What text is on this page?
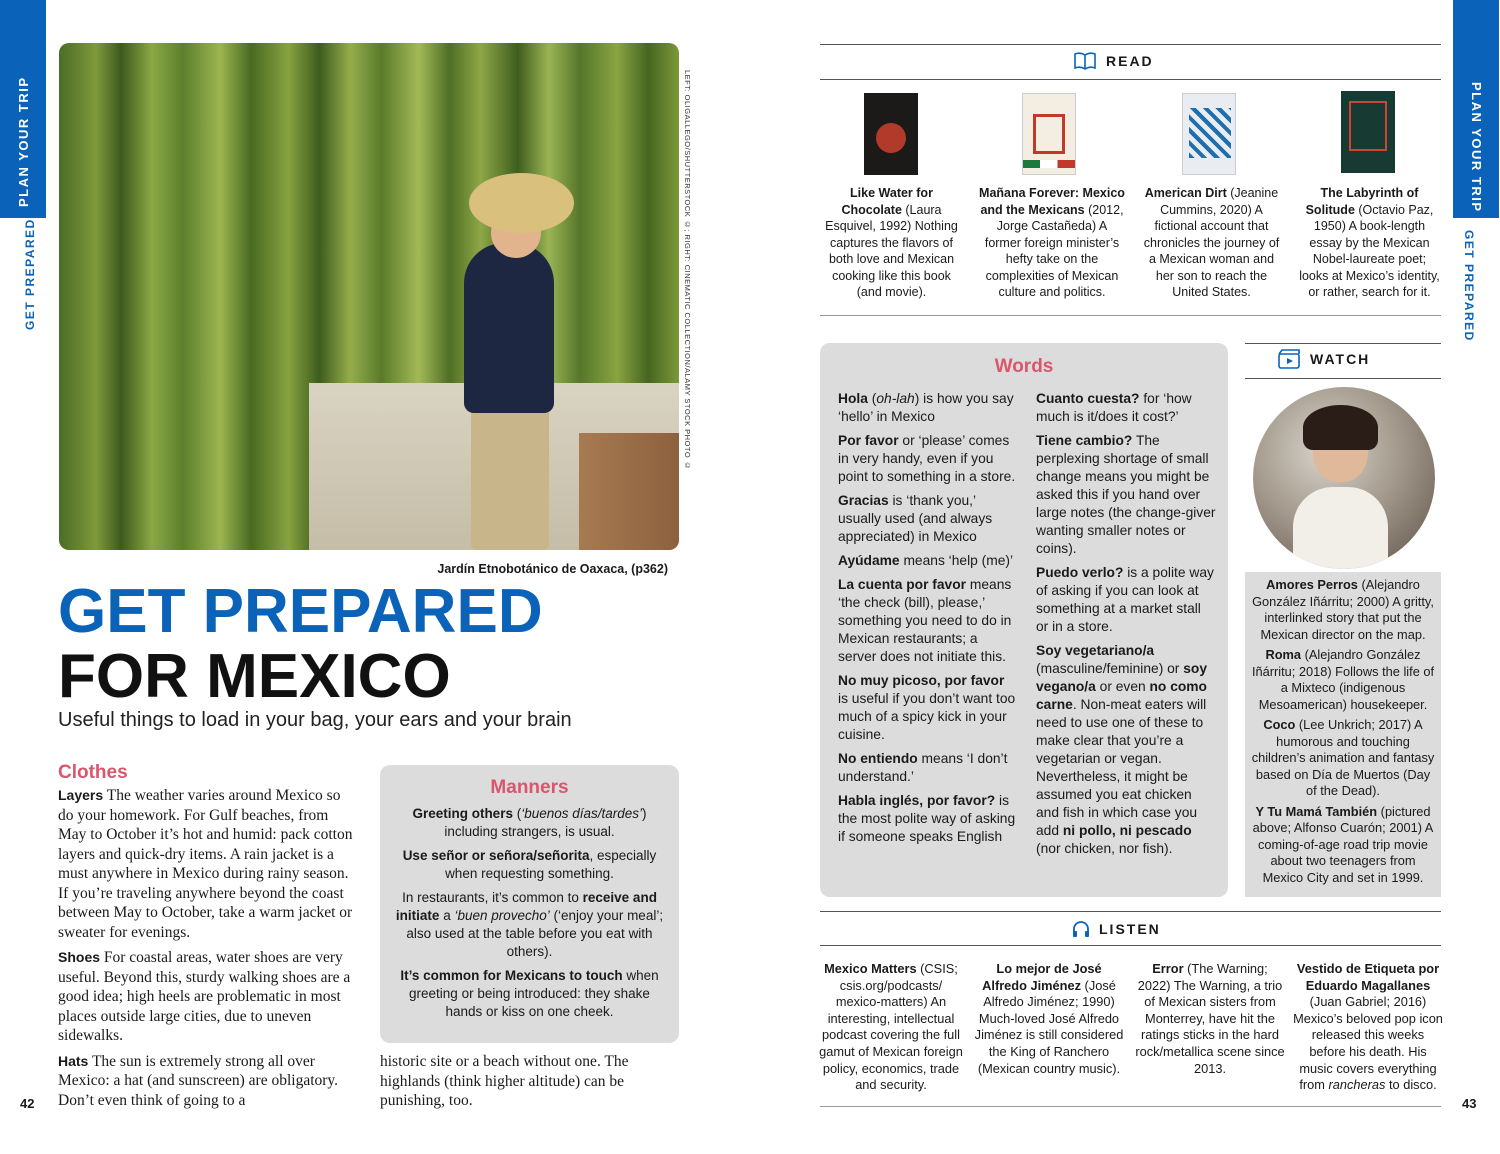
PLAN YOUR TRIP
GET PREPARED	LEFT: OLIGALLEGO/SHUTTERSTOCK ©; RIGHT: CINEMATIC COLLECTION/ALAMY STOCK PHOTO ©
Jardín Etnobotánico de Oaxaca, (p362)
GET PREPARED
FOR MEXICO
Useful things to load in your bag, your ears and your brain
Clothes

Layers The weather varies around Mexico so do your homework. For Gulf beaches, from May to October it’s hot and humid: pack cotton layers and quick-dry items. A rain jacket is a must anywhere in Mexico during rainy season. If you’re traveling anywhere beyond the coast between May to October, take a warm jacket or sweater for evenings.

Shoes For coastal areas, water shoes are very useful. Beyond this, sturdy walking shoes are a good idea; high heels are problematic in most places outside large cities, due to uneven sidewalks.

Hats The sun is extremely strong all over Mexico: a hat (and sunscreen) are obligatory. Don’t even think of going to a

Manners

Greeting others (‘buenos días/tardes’) including strangers, is usual.

Use señor or señora/señorita, especially when requesting something.

In restaurants, it’s common to receive and initiate a ‘buen provecho’ (‘enjoy your meal’; also used at the table before you eat with others).

It’s common for Mexicans to touch when greeting or being introduced: they shake hands or kiss on one cheek.

historic site or a beach without one. The highlands (think higher altitude) can be punishing, too.
42
PLAN YOUR TRIP
GET PREPARED
READ
Like Water for Chocolate (Laura Esquivel, 1992) Nothing captures the flavors of both love and Mexican cooking like this book (and movie).
Mañana Forever: Mexico and the Mexicans (2012, Jorge Castañeda) A former foreign minister’s hefty take on the complexities of Mexican culture and politics.
American Dirt (Jeanine Cummins, 2020) A fictional account that chronicles the journey of a Mexican woman and her son to reach the United States.
The Labyrinth of Solitude (Octavio Paz, 1950) A book-length essay by the Mexican Nobel-laureate poet; looks at Mexico’s identity, or rather, search for it.
Words

Hola (oh-lah) is how you say ‘hello’ in Mexico

Por favor or ‘please’ comes in very handy, even if you point to something in a store.

Gracias is ‘thank you,’ usually used (and always appreciated) in Mexico

Ayúdame means ‘help (me)’

La cuenta por favor means ‘the check (bill), please,’ something you need to do in Mexican restaurants; a server does not initiate this.

No muy picoso, por favor is useful if you don’t want too much of a spicy kick in your cuisine.

No entiendo means ‘I don’t understand.’

Habla inglés, por favor? is the most polite way of asking if someone speaks English

Cuanto cuesta? for ‘how much is it/does it cost?’

Tiene cambio? The perplexing shortage of small change means you might be asked this if you hand over large notes (the change-giver wanting smaller notes or coins).

Puedo verlo? is a polite way of asking if you can look at something at a market stall or in a store.

Soy vegetariano/a (masculine/feminine) or soy vegano/a or even no como carne. Non-meat eaters will need to use one of these to make clear that you’re a vegetarian or vegan. Nevertheless, it might be assumed you eat chicken and fish in which case you add ni pollo, ni pescado (nor chicken, nor fish).

WATCH

Amores Perros (Alejandro González Iñárritu; 2000) A gritty, interlinked story that put the Mexican director on the map.

Roma (Alejandro González Iñárritu; 2018) Follows the life of a Mixteco (indigenous Mesoamerican) housekeeper.

Coco (Lee Unkrich; 2017) A humorous and touching children’s animation and fantasy based on Día de Muertos (Day of the Dead).

Y Tu Mamá También (pictured above; Alfonso Cuarón; 2001) A coming-of-age road trip movie about two teenagers from Mexico City and set in 1999.

LISTEN
Mexico Matters (CSIS; csis.org/podcasts/ mexico-matters) An interesting, intellectual podcast covering the full gamut of Mexican foreign policy, economics, trade and security.
Lo mejor de José Alfredo Jiménez (José Alfredo Jiménez; 1990) Much-loved José Alfredo Jiménez is still considered the King of Ranchero (Mexican country music).
Error (The Warning; 2022) The Warning, a trio of Mexican sisters from Monterrey, have hit the ratings sticks in the hard rock/metallica scene since 2013.
Vestido de Etiqueta por Eduardo Magallanes (Juan Gabriel; 2016) Mexico’s beloved pop icon released this weeks before his death. His music covers everything from rancheras to disco.
43
